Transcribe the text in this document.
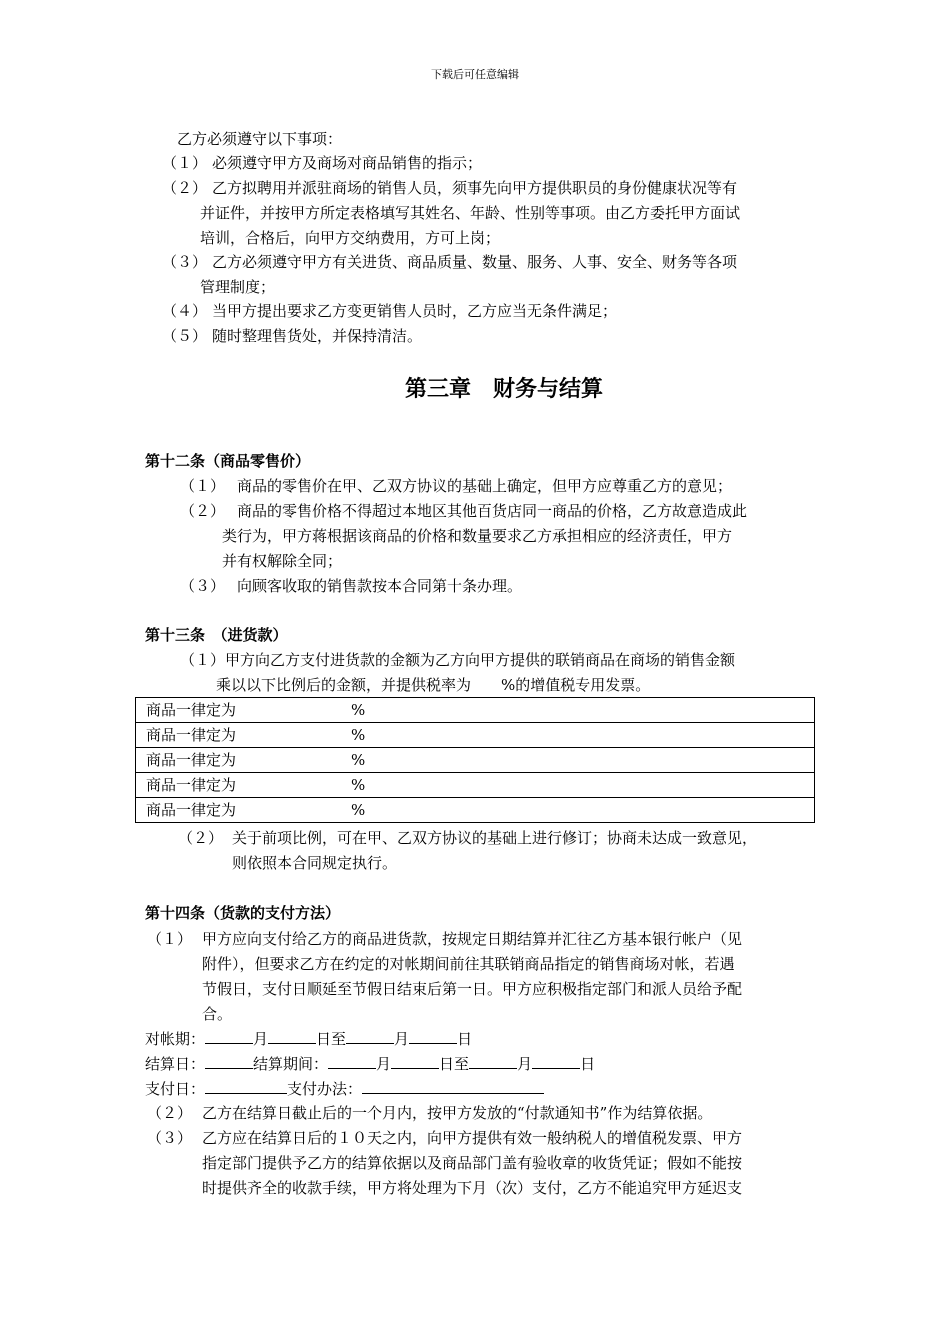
下载后可任意编辑
乙方必须遵守以下事项：
（１） 必须遵守甲方及商场对商品销售的指示；
（２） 乙方拟聘用并派驻商场的销售人员，须事先向甲方提供职员的身份健康状况等有
并证件，并按甲方所定表格填写其姓名、年龄、性别等事项。由乙方委托甲方面试
培训，合格后，向甲方交纳费用，方可上岗；
（３） 乙方必须遵守甲方有关进货、商品质量、数量、服务、人事、安全、财务等各项
管理制度；
（４） 当甲方提出要求乙方变更销售人员时，乙方应当无条件满足；
（５） 随时整理售货处，并保持清洁。
第三章　财务与结算
第十二条（商品零售价）
（１） 商品的零售价在甲、乙双方协议的基础上确定，但甲方应尊重乙方的意见；
（２） 商品的零售价格不得超过本地区其他百货店同一商品的价格，乙方故意造成此
类行为，甲方蒋根据该商品的价格和数量要求乙方承担相应的经济责任，甲方
并有权解除全同；
（３） 向顾客收取的销售款按本合同第十条办理。
第十三条　（进货款）
（１）甲方向乙方支付进货款的金额为乙方向甲方提供的联销商品在商场的销售金额
乘以以下比例后的金额，并提供税率为　　%的增值税专用发票。
商品一律定为	%
商品一律定为	%
商品一律定为	%
商品一律定为	%
商品一律定为	%
（２） 关于前项比例，可在甲、乙双方协议的基础上进行修订；协商未达成一致意见，
则依照本合同规定执行。
第十四条（货款的支付方法）
（１） 甲方应向支付给乙方的商品进货款，按规定日期结算并汇往乙方基本银行帐户（见
附件），但要求乙方在约定的对帐期间前往其联销商品指定的销售商场对帐，若遇
节假日，支付日顺延至节假日结束后第一日。甲方应积极指定部门和派人员给予配
合。
对帐期：	月	日至	月	日
结算日：	结算期间：	月	日至	月	日
支付日：	支付办法：
（２） 乙方在结算日截止后的一个月内，按甲方发放的“付款通知书”作为结算依据。
（３） 乙方应在结算日后的１０天之内，向甲方提供有效一般纳税人的增值税发票、甲方
指定部门提供予乙方的结算依据以及商品部门盖有验收章的收货凭证；假如不能按
时提供齐全的收款手续，甲方将处理为下月（次）支付，乙方不能追究甲方延迟支
